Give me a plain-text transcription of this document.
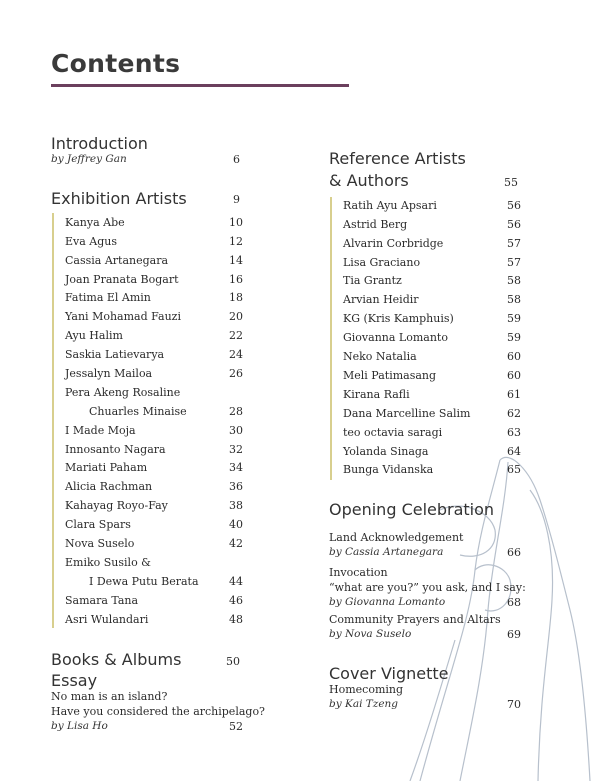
Contents
Introduction
by Jeffrey Gan	6
Exhibition Artists	9
Kanya Abe	10
Eva Agus	12
Cassia Artanegara	14
Joan Pranata Bogart	16
Fatima El Amin	18
Yani Mohamad Fauzi	20
Ayu Halim	22
Saskia Latievarya	24
Jessalyn Mailoa	26
Pera Akeng Rosaline
Chuarles Minaise	28
I Made Moja	30
Innosanto Nagara	32
Mariati Paham	34
Alicia Rachman	36
Kahayag Royo-Fay	38
Clara Spars	40
Nova Suselo	42
Emiko Susilo &
I Dewa Putu Berata	44
Samara Tana	46
Asri Wulandari	48
Books & Albums	50
Essay
No man is an island?
Have you considered the archipelago?
by Lisa Ho	52
Reference Artists
& Authors	55
Ratih Ayu Apsari	56
Astrid Berg	56
Alvarin Corbridge	57
Lisa Graciano	57
Tia Grantz	58
Arvian Heidir	58
KG (Kris Kamphuis)	59
Giovanna Lomanto	59
Neko Natalia	60
Meli Patimasang	60
Kirana Rafli	61
Dana Marcelline Salim	62
teo octavia saragi	63
Yolanda Sinaga	64
Bunga Vidanska	65
Opening Celebration
Land Acknowledgement
by Cassia Artanegara	66
Invocation
“what are you?” you ask, and I say:
by Giovanna Lomanto	68
Community Prayers and Altars
by Nova Suselo	69
Cover Vignette
Homecoming
by Kai Tzeng	70
